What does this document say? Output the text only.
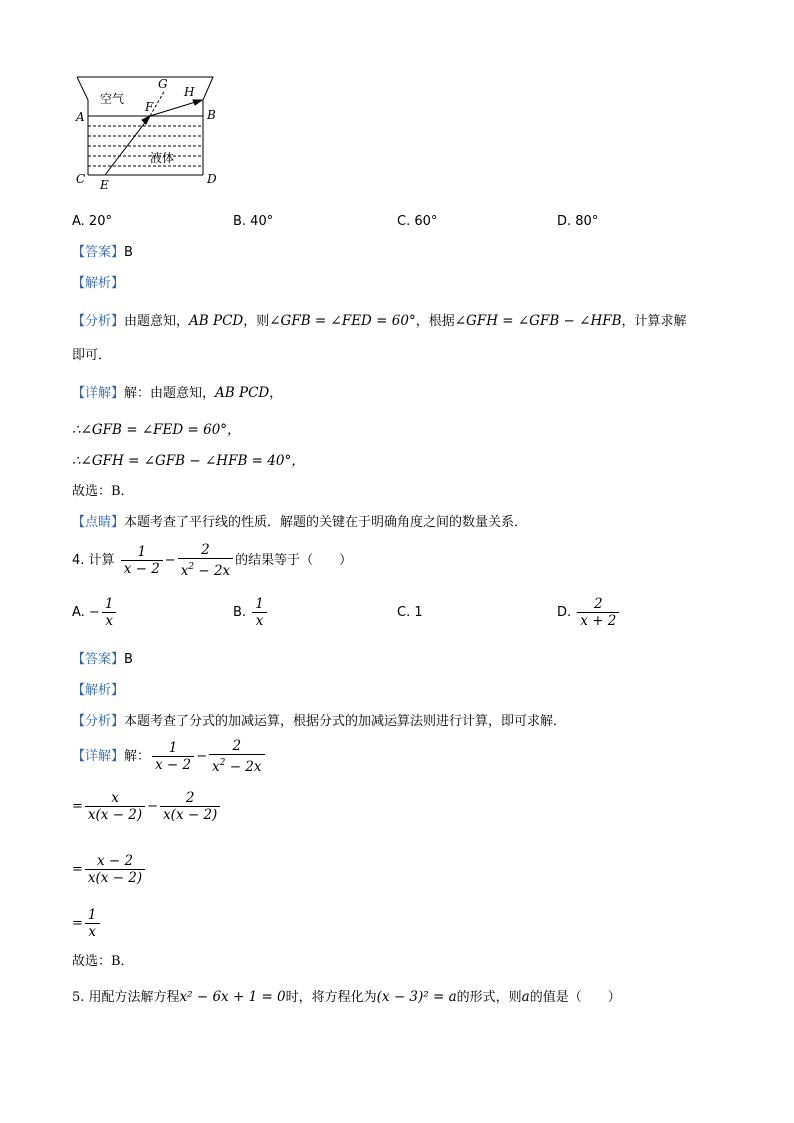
A	B
C	D
E
F
G
H
空气
液体
A. 20°	B. 40°	C. 60°	D. 80°
【答案】B
【解析】
【分析】由题意知，AB PCD，则∠GFB = ∠FED = 60°，根据∠GFH = ∠GFB − ∠HFB，计算求解
即可．
【详解】解：由题意知，AB PCD，
∴∠GFB = ∠FED = 60°，
∴∠GFH = ∠GFB − ∠HFB = 40°，
故选：B．
【点睛】本题考查了平行线的性质．解题的关键在于明确角度之间的数量关系．
4. 计算 $\frac{1}{x - 2} - \frac{2}{x^2 - 2x}$ 的结果等于（　　）
A. − $\frac{1}{x}$	B. $\frac{1}{x}$	C. 1	D. $\frac{2}{x + 2}$
【答案】B
【解析】
【分析】本题考查了分式的加减运算，根据分式的加减运算法则进行计算，即可求解．
【详解】解： $\frac{1}{x - 2} - \frac{2}{x^2 - 2x}$
= $\frac{x}{x(x - 2)} - \frac{2}{x(x - 2)}$
= $\frac{x - 2}{x(x - 2)}$
= $\frac{1}{x}$
故选：B．
5. 用配方法解方程x² − 6x + 1 = 0时，将方程化为(x − 3)² = a的形式，则a的值是（　　）
